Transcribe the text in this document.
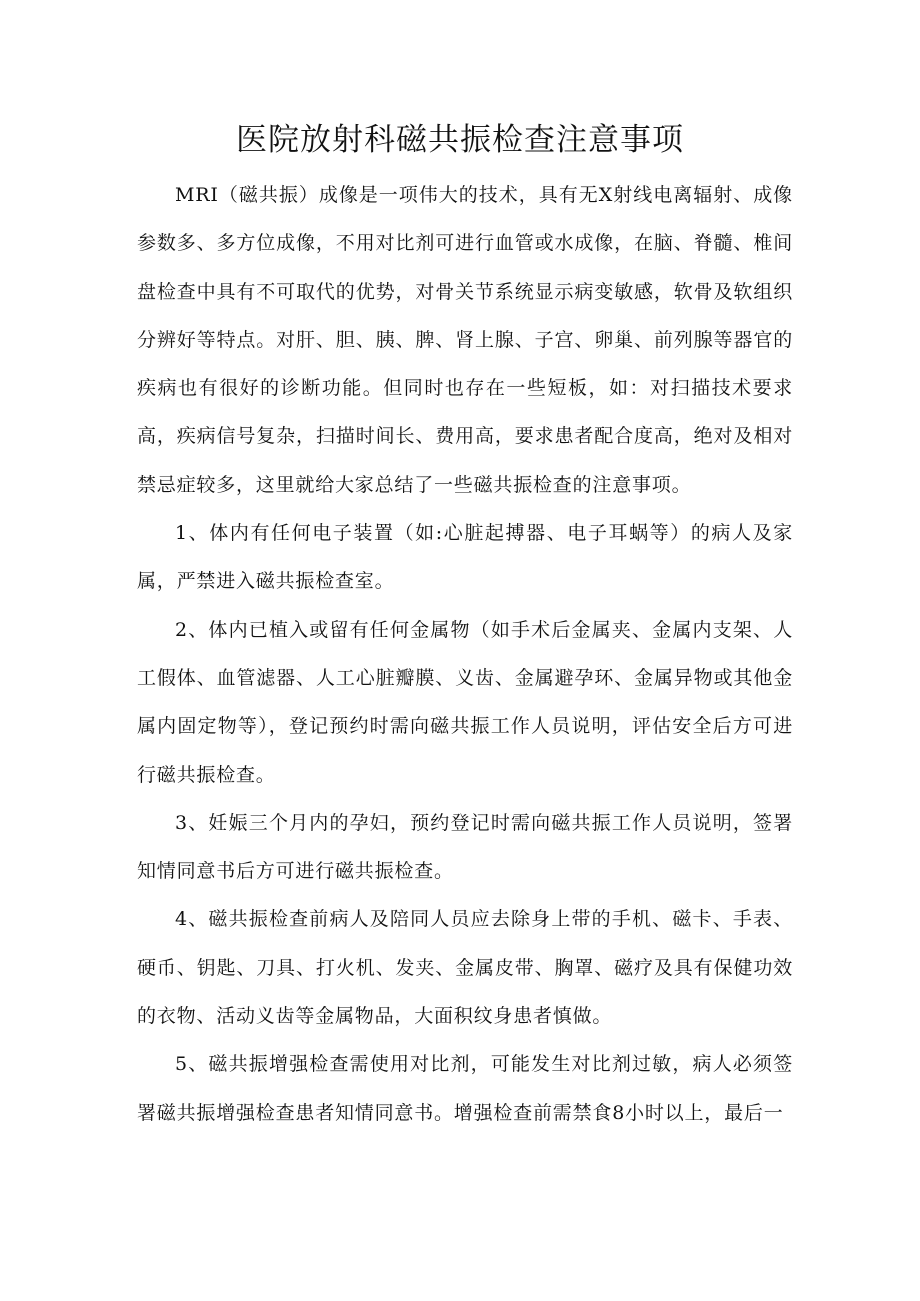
医院放射科磁共振检查注意事项

MRI（磁共振）成像是一项伟大的技术，具有无X射线电离辐射、成像参数多、多方位成像，不用对比剂可进行血管或水成像，在脑、脊髓、椎间盘检查中具有不可取代的优势，对骨关节系统显示病变敏感，软骨及软组织分辨好等特点。对肝、胆、胰、脾、肾上腺、子宫、卵巢、前列腺等器官的疾病也有很好的诊断功能。但同时也存在一些短板，如：对扫描技术要求高，疾病信号复杂，扫描时间长、费用高，要求患者配合度高，绝对及相对禁忌症较多，这里就给大家总结了一些磁共振检查的注意事项。

1、体内有任何电子装置（如:心脏起搏器、电子耳蜗等）的病人及家属，严禁进入磁共振检查室。

2、体内已植入或留有任何金属物（如手术后金属夹、金属内支架、人工假体、血管滤器、人工心脏瓣膜、义齿、金属避孕环、金属异物或其他金属内固定物等），登记预约时需向磁共振工作人员说明，评估安全后方可进行磁共振检查。

3、妊娠三个月内的孕妇，预约登记时需向磁共振工作人员说明，签署知情同意书后方可进行磁共振检查。

4、磁共振检查前病人及陪同人员应去除身上带的手机、磁卡、手表、硬币、钥匙、刀具、打火机、发夹、金属皮带、胸罩、磁疗及具有保健功效的衣物、活动义齿等金属物品，大面积纹身患者慎做。

5、磁共振增强检查需使用对比剂，可能发生对比剂过敏，病人必须签署磁共振增强检查患者知情同意书。增强检查前需禁食8小时以上，最后一
